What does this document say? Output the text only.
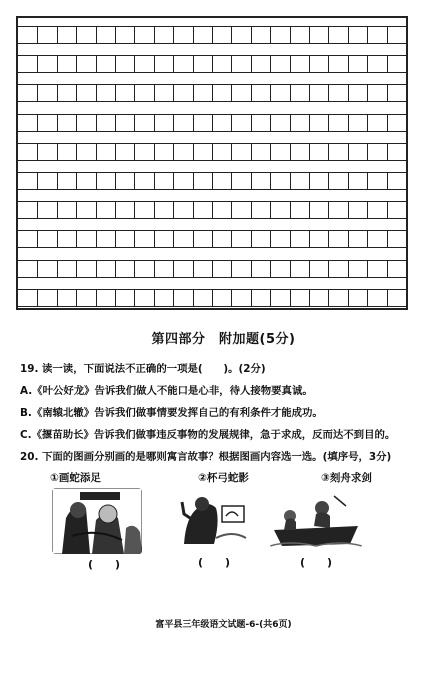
第四部分　附加题(5分)
19. 读一读，下面说法不正确的一项是(　　)。(2分)
A.《叶公好龙》告诉我们做人不能口是心非，待人接物要真诚。
B.《南辕北辙》告诉我们做事情要发挥自己的有利条件才能成功。
C.《揠苗助长》告诉我们做事违反事物的发展规律，急于求成，反而达不到目的。
20. 下面的图画分别画的是哪则寓言故事？根据图画内容选一选。(填序号，3分)
①画蛇添足	②杯弓蛇影	③刻舟求剑
(　　)	(　　)	(　　)
富平县三年级语文试题-6-(共6页)
